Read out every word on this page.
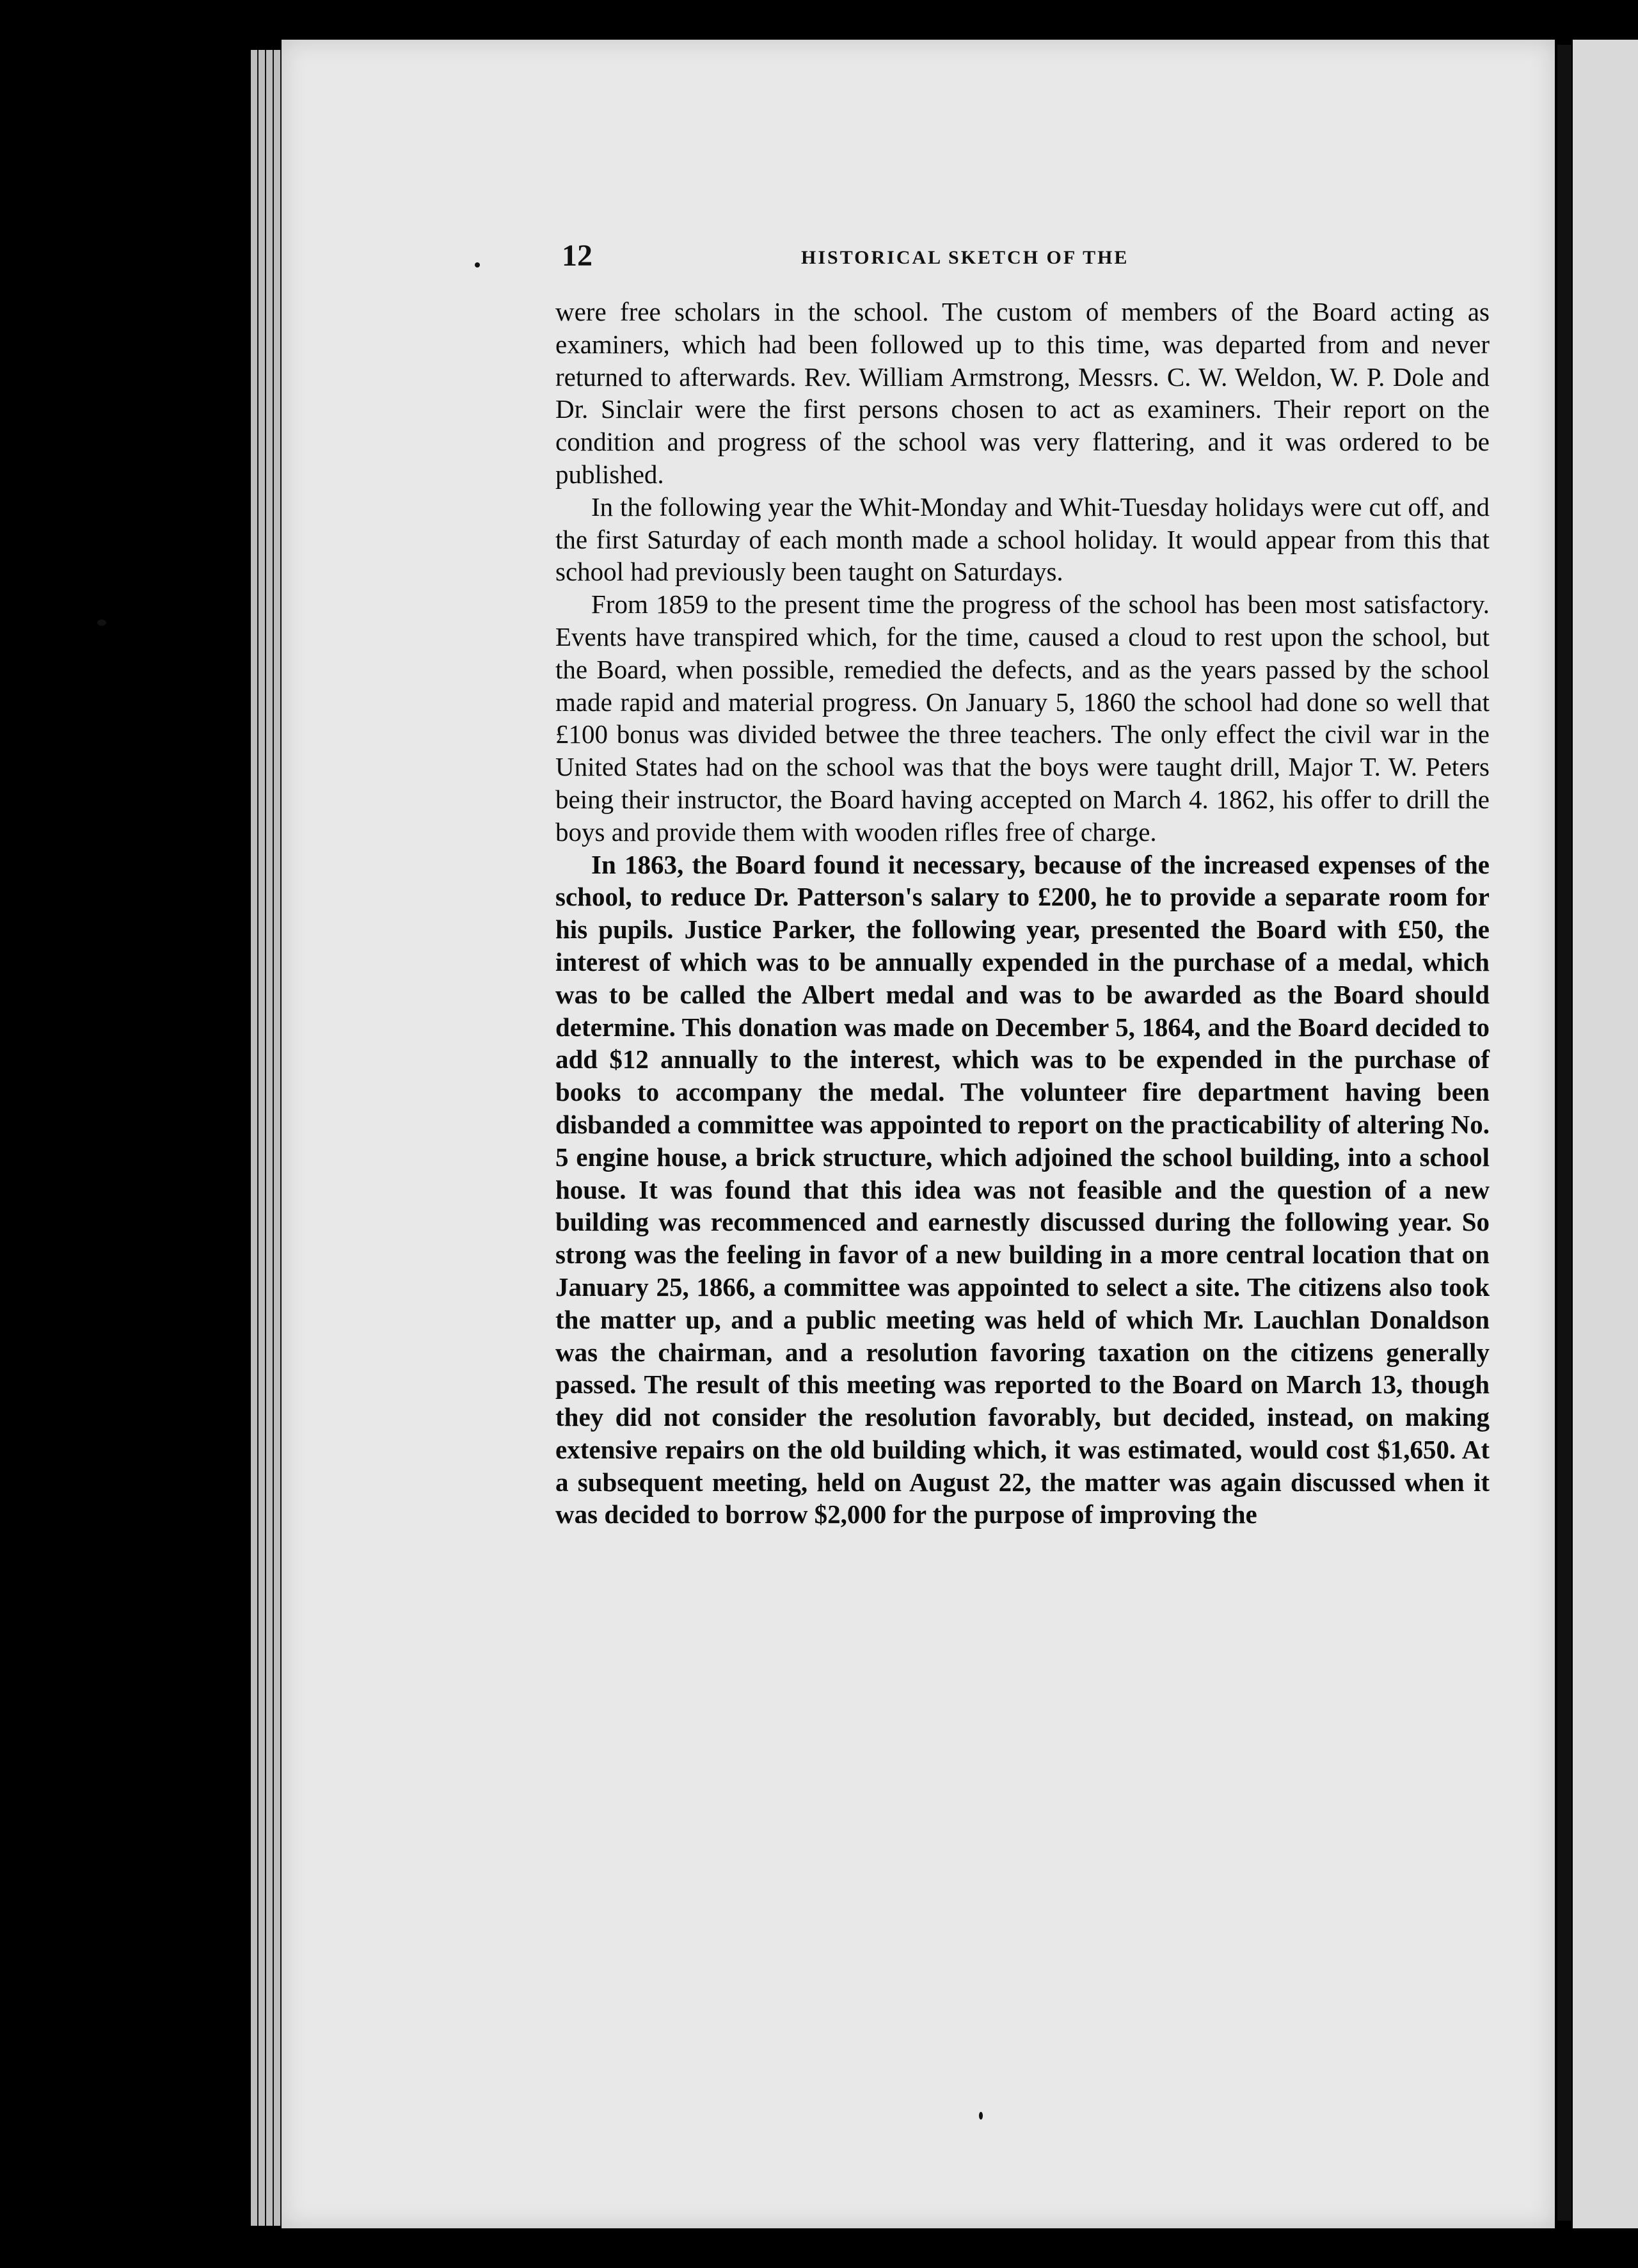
12	HISTORICAL SKETCH OF THE

were free scholars in the school. The custom of members of the Board acting as examiners, which had been followed up to this time, was departed from and never returned to afterwards. Rev. William Armstrong, Messrs. C. W. Weldon, W. P. Dole and Dr. Sinclair were the first persons chosen to act as examiners. Their report on the condition and progress of the school was very flattering, and it was ordered to be published.

In the following year the Whit-Monday and Whit-Tuesday holidays were cut off, and the first Saturday of each month made a school holiday. It would appear from this that school had previously been taught on Saturdays.

From 1859 to the present time the progress of the school has been most satisfactory. Events have transpired which, for the time, caused a cloud to rest upon the school, but the Board, when possible, remedied the defects, and as the years passed by the school made rapid and material progress. On January 5, 1860 the school had done so well that £100 bonus was divided betwee the three teachers. The only effect the civil war in the United States had on the school was that the boys were taught drill, Major T. W. Peters being their instructor, the Board having accepted on March 4. 1862, his offer to drill the boys and provide them with wooden rifles free of charge.

In 1863, the Board found it necessary, because of the increased expenses of the school, to reduce Dr. Patterson's salary to £200, he to provide a separate room for his pupils. Justice Parker, the following year, presented the Board with £50, the interest of which was to be annually expended in the purchase of a medal, which was to be called the Albert medal and was to be awarded as the Board should determine. This donation was made on December 5, 1864, and the Board decided to add $12 annually to the interest, which was to be expended in the purchase of books to accompany the medal. The volunteer fire department having been disbanded a committee was appointed to report on the practicability of altering No. 5 engine house, a brick structure, which adjoined the school building, into a school house. It was found that this idea was not feasible and the question of a new building was recommenced and earnestly discussed during the following year. So strong was the feeling in favor of a new building in a more central location that on January 25, 1866, a committee was appointed to select a site. The citizens also took the matter up, and a public meeting was held of which Mr. Lauchlan Donaldson was the chairman, and a resolution favoring taxation on the citizens generally passed. The result of this meeting was reported to the Board on March 13, though they did not consider the resolution favorably, but decided, instead, on making extensive repairs on the old building which, it was estimated, would cost $1,650. At a subsequent meeting, held on August 22, the matter was again discussed when it was decided to borrow $2,000 for the purpose of improving the
